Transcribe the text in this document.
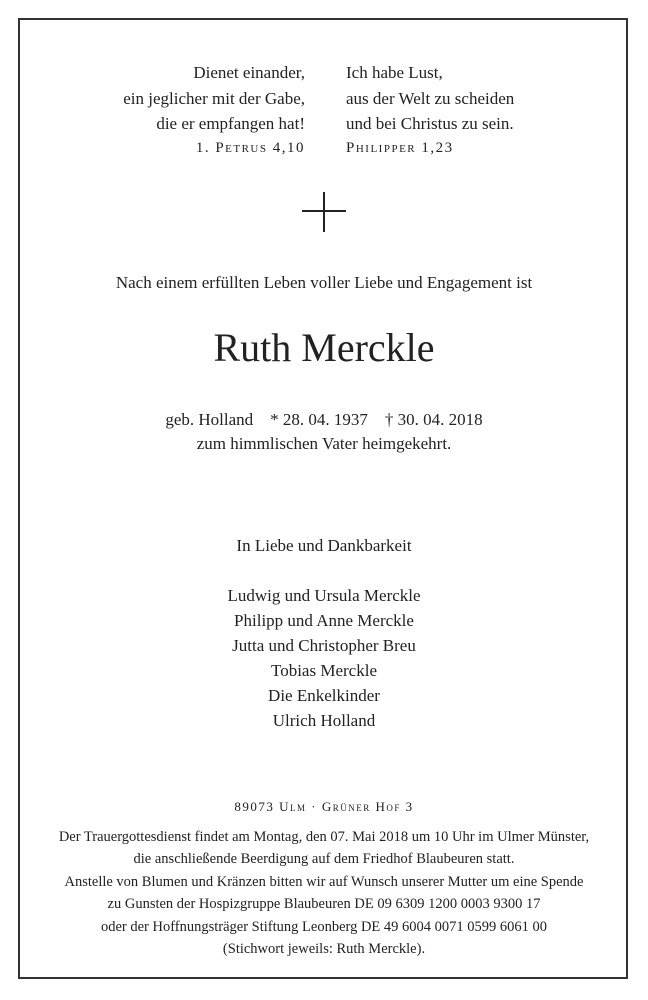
Dienet einander,
ein jeglicher mit der Gabe,
die er empfangen hat!
1. Petrus 4,10
Ich habe Lust,
aus der Welt zu scheiden
und bei Christus zu sein.
Philipper 1,23
Nach einem erfüllten Leben voller Liebe und Engagement ist
Ruth Merckle
geb. Holland    * 28. 04. 1937    † 30. 04. 2018
zum himmlischen Vater heimgekehrt.
In Liebe und Dankbarkeit
Ludwig und Ursula Merckle
Philipp und Anne Merckle
Jutta und Christopher Breu
Tobias Merckle
Die Enkelkinder
Ulrich Holland
89073 Ulm · Grüner Hof 3
Der Trauergottesdienst findet am Montag, den 07. Mai 2018 um 10 Uhr im Ulmer Münster,
die anschließende Beerdigung auf dem Friedhof Blaubeuren statt.
Anstelle von Blumen und Kränzen bitten wir auf Wunsch unserer Mutter um eine Spende
zu Gunsten der Hospizgruppe Blaubeuren DE 09 6309 1200 0003 9300 17
oder der Hoffnungsträger Stiftung Leonberg DE 49 6004 0071 0599 6061 00
(Stichwort jeweils: Ruth Merckle).
